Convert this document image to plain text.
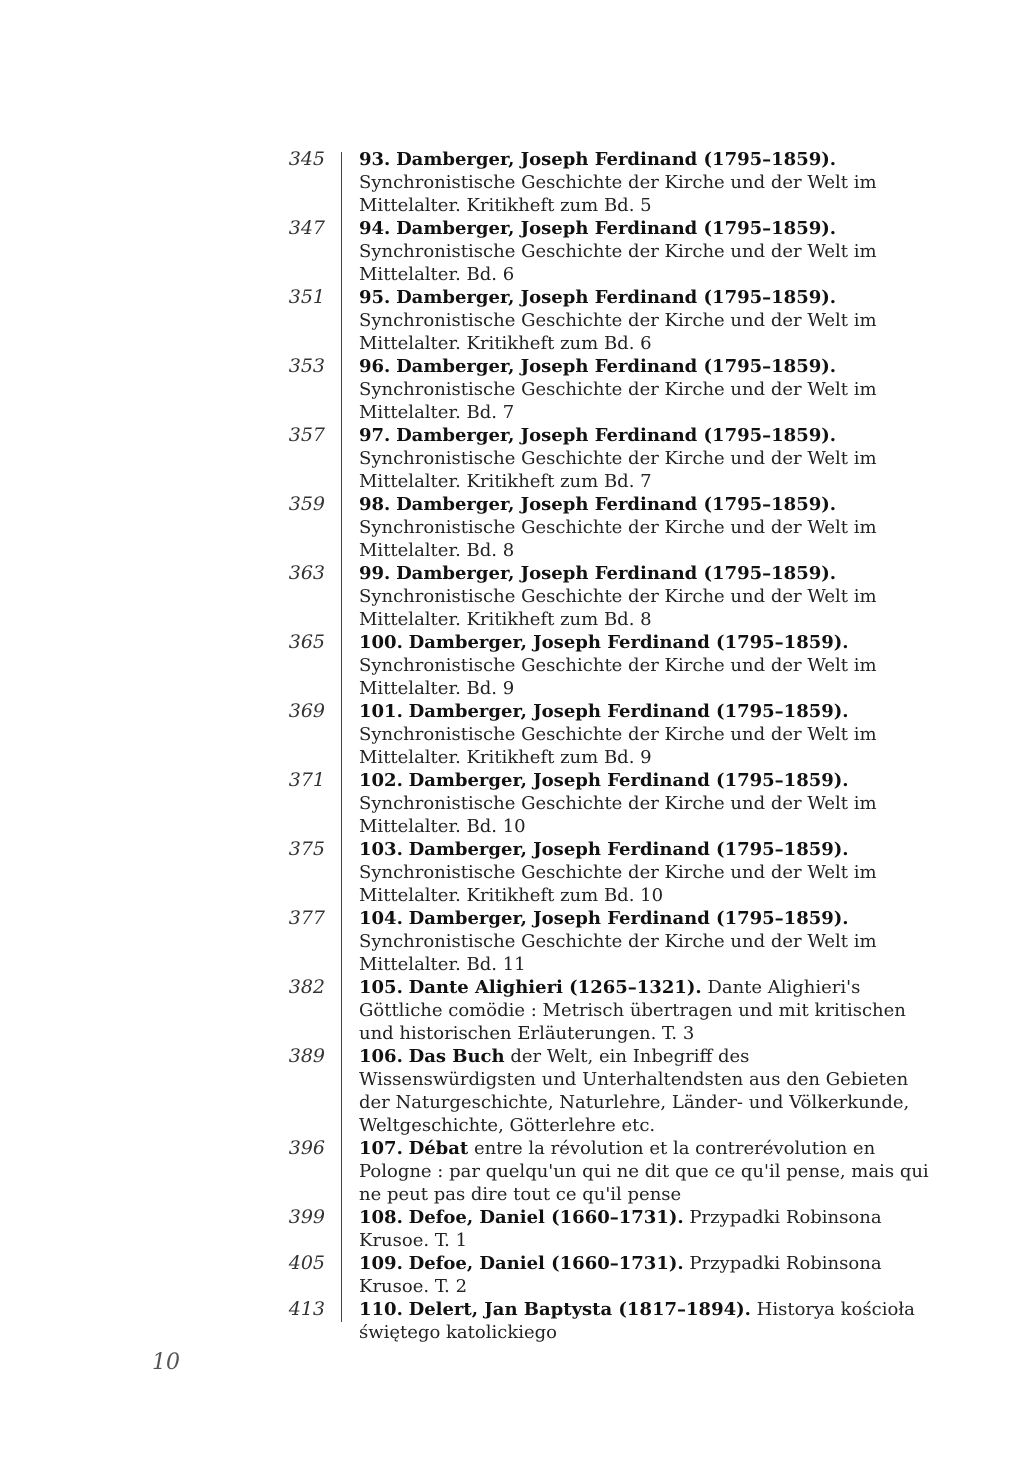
345 93. Damberger, Joseph Ferdinand (1795–1859).
Synchronistische Geschichte der Kirche und der Welt im Mittelalter. Kritikheft zum Bd. 5
347 94. Damberger, Joseph Ferdinand (1795–1859).
Synchronistische Geschichte der Kirche und der Welt im Mittelalter. Bd. 6
351 95. Damberger, Joseph Ferdinand (1795–1859).
Synchronistische Geschichte der Kirche und der Welt im Mittelalter. Kritikheft zum Bd. 6
353 96. Damberger, Joseph Ferdinand (1795–1859).
Synchronistische Geschichte der Kirche und der Welt im Mittelalter. Bd. 7
357 97. Damberger, Joseph Ferdinand (1795–1859).
Synchronistische Geschichte der Kirche und der Welt im Mittelalter. Kritikheft zum Bd. 7
359 98. Damberger, Joseph Ferdinand (1795–1859).
Synchronistische Geschichte der Kirche und der Welt im Mittelalter. Bd. 8
363 99. Damberger, Joseph Ferdinand (1795–1859).
Synchronistische Geschichte der Kirche und der Welt im Mittelalter. Kritikheft zum Bd. 8
365 100. Damberger, Joseph Ferdinand (1795–1859).
Synchronistische Geschichte der Kirche und der Welt im Mittelalter. Bd. 9
369 101. Damberger, Joseph Ferdinand (1795–1859).
Synchronistische Geschichte der Kirche und der Welt im Mittelalter. Kritikheft zum Bd. 9
371 102. Damberger, Joseph Ferdinand (1795–1859).
Synchronistische Geschichte der Kirche und der Welt im Mittelalter. Bd. 10
375 103. Damberger, Joseph Ferdinand (1795–1859).
Synchronistische Geschichte der Kirche und der Welt im Mittelalter. Kritikheft zum Bd. 10
377 104. Damberger, Joseph Ferdinand (1795–1859).
Synchronistische Geschichte der Kirche und der Welt im Mittelalter. Bd. 11
382 105. Dante Alighieri (1265–1321). Dante Alighieri's Göttliche comödie : Metrisch übertragen und mit kritischen und historischen Erläuterungen. T. 3
389 106. Das Buch der Welt, ein Inbegriff des Wissenswürdigsten und Unterhaltendsten aus den Gebieten der Naturgeschichte, Naturlehre, Länder- und Völkerkunde, Weltgeschichte, Götterlehre etc.
396 107. Débat entre la révolution et la contrerévolution en Pologne : par quelqu'un qui ne dit que ce qu'il pense, mais qui ne peut pas dire tout ce qu'il pense
399 108. Defoe, Daniel (1660–1731). Przypadki Robinsona Krusoe. T. 1
405 109. Defoe, Daniel (1660–1731). Przypadki Robinsona Krusoe. T. 2
413 110. Delert, Jan Baptysta (1817–1894). Historya kościoła świętego katolickiego
10
